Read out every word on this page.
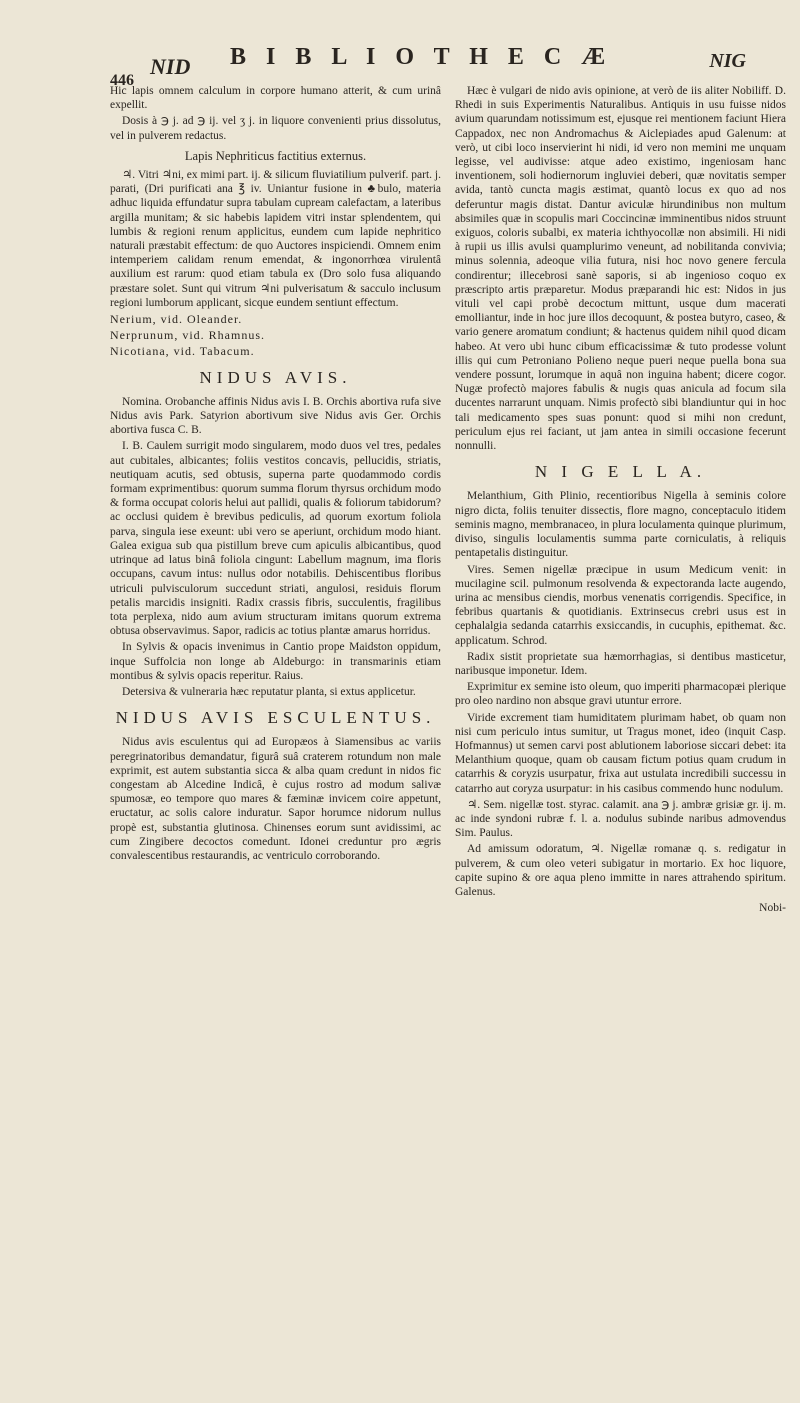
446
NID B I B L I O T H E C Æ	NIG

Hic lapis omnem calculum in corpore humano atterit, & cum urinâ expellit.

Dosis à ℈ j. ad ℈ ij. vel ʒ j. in liquore convenienti prius dissolutus, vel in pulverem redactus.

Lapis Nephriticus factitius externus.

♃. Vitri ♃ni, ex mimi part. ij. & silicum fluviatilium pulverif. part. j. parati, (Dri purificati ana ℥ iv. Uniantur fusione in ♣bulo, materia adhuc liquida effundatur supra tabulam cupream calefactam, a lateribus argilla munitam; & sic habebis lapidem vitri instar splendentem, qui lumbis & regioni renum applicitus, eundem cum lapide nephritico naturali præstabit effectum: de quo Auctores inspiciendi. Omnem enim intemperiem calidam renum emendat, & ingonorrhœa virulentâ auxilium est rarum: quod etiam tabula ex (Dro solo fusa aliquando præstare solet. Sunt qui vitrum ♃ni pulverisatum & sacculo inclusum regioni lumborum applicant, sicque eundem sentiunt effectum.

Nerium, vid. Oleander.

Nerprunum, vid. Rhamnus.

Nicotiana, vid. Tabacum.

NIDUS AVIS.

Nomina. Orobanche affinis Nidus avis I. B. Orchis abortiva rufa sive Nidus avis Park. Satyrion abortivum sive Nidus avis Ger. Orchis abortiva fusca C. B.

I. B. Caulem surrigit modo singularem, modo duos vel tres, pedales aut cubitales, albicantes; foliis vestitos concavis, pellucidis, striatis, neutiquam acutis, sed obtusis, superna parte quodammodo cordis formam exprimentibus: quorum summa florum thyrsus orchidum modo & forma occupat coloris helui aut pallidi, qualis & foliorum tabidorum? ac occlusi quidem è brevibus pediculis, ad quorum exortum foliola parva, singula iese exeunt: ubi vero se aperiunt, orchidum modo hiant. Galea exigua sub qua pistillum breve cum apiculis albicantibus, quod utrinque ad latus binâ foliola cingunt: Labellum magnum, ima floris occupans, cavum intus: nullus odor notabilis. Dehiscentibus floribus utriculi pulvisculorum succedunt striati, angulosi, residuis florum petalis marcidis insigniti. Radix crassis fibris, succulentis, fragilibus tota perplexa, nido aum avium structuram imitans quorum extrema obtusa observavimus. Sapor, radicis ac totius plantæ amarus horridus.

In Sylvis & opacis invenimus in Cantio prope Maidston oppidum, inque Suffolcia non longe ab Aldeburgo: in transmarinis etiam montibus & sylvis opacis reperitur. Raius.

Detersiva & vulneraria hæc reputatur planta, si extus applicetur.

NIDUS AVIS ESCULENTUS.

Nidus avis esculentus qui ad Europæos à Siamensibus ac variis peregrinatoribus demandatur, figurâ suâ craterem rotundum non male exprimit, est autem substantia sicca & alba quam credunt in nidos fic congestam ab Alcedine Indicâ, è cujus rostro ad modum salivæ spumosæ, eo tempore quo mares & fæminæ invicem coire appetunt, eructatur, ac solis calore induratur. Sapor horumce nidorum nullus propè est, substantia glutinosa. Chinenses eorum sunt avidissimi, ac cum Zingibere decoctos comedunt. Idonei creduntur pro ægris convalescentibus restaurandis, ac ventriculo corroborando.

Hæc è vulgari de nido avis opinione, at verò de iis aliter Nobiliff. D. Rhedi in suis Experimentis Naturalibus. Antiquis in usu fuisse nidos avium quarundam notissimum est, ejusque rei mentionem faciunt Hiera Cappadox, nec non Andromachus & Aiclepiades apud Galenum: at verò, ut cibi loco inservierint hi nidi, id vero non memini me unquam legisse, vel audivisse: atque adeo existimo, ingeniosam hanc inventionem, soli hodiernorum ingluviei deberi, quæ novitatis semper avida, tantò cuncta magis æstimat, quantò locus ex quo ad nos deferuntur magis distat. Dantur aviculæ hirundinibus non multum absimiles quæ in scopulis mari Coccincinæ imminentibus nidos struunt exiguos, coloris subalbi, ex materia ichthyocollæ non absimili. Hi nidi à rupii us illis avulsi quamplurimo veneunt, ad nobilitanda convivia; minus solennia, adeoque vilia futura, nisi hoc novo genere fercula condirentur; illecebrosi sanè saporis, si ab ingenioso coquo ex præscripto artis præparetur. Modus præparandi hic est: Nidos in jus vituli vel capi probè decoctum mittunt, usque dum macerati emolliantur, inde in hoc jure illos decoquunt, & postea butyro, caseo, & vario genere aromatum condiunt; & hactenus quidem nihil quod dicam habeo. At vero ubi hunc cibum efficacissimæ & tuto prodesse volunt illis qui cum Petroniano Polieno neque pueri neque puella bona sua vendere possunt, lorumque in aquâ non inguina habent; dicere cogor. Nugæ profectò majores fabulis & nugis quas anicula ad focum sila ducentes narrarunt unquam. Nimis profectò sibi blandiuntur qui in hoc tali medicamento spes suas ponunt: quod si mihi non credunt, periculum ejus rei faciant, ut jam antea in simili occasione fecerunt nonnulli.

N I G E L L A.

Melanthium, Gith Plinio, recentioribus Nigella à seminis colore nigro dicta, foliis tenuiter dissectis, flore magno, conceptaculo itidem seminis magno, membranaceo, in plura loculamenta quinque plurimum, diviso, singulis loculamentis summa parte corniculatis, à reliquis pentapetalis distinguitur.

Vires. Semen nigellæ præcipue in usum Medicum venit: in mucilagine scil. pulmonum resolvenda & expectoranda lacte augendo, urina ac mensibus ciendis, morbus venenatis corrigendis. Specifice, in febribus quartanis & quotidianis. Extrinsecus crebri usus est in cephalalgia sedanda catarrhis exsiccandis, in cucuphis, epithemat. &c. applicatum. Schrod.

Radix sistit proprietate sua hæmorrhagias, si dentibus masticetur, naribusque imponetur. Idem.

Exprimitur ex semine isto oleum, quo imperiti pharmacopæi plerique pro oleo nardino non absque gravi utuntur errore.

Viride excrement tiam humiditatem plurimam habet, ob quam non nisi cum periculo intus sumitur, ut Tragus monet, ideo (inquit Casp. Hofmannus) ut semen carvi post ablutionem laboriose siccari debet: ita Melanthium quoque, quam ob causam fictum potius quam crudum in catarrhis & coryzis usurpatur, frixa aut ustulata incredibili successu in catarrho aut coryza usurpatur: in his casibus commendo hunc nodulum.

♃. Sem. nigellæ tost. styrac. calamit. ana ℈ j. ambræ grisiæ gr. ij. m. ac inde syndoni rubræ f. l. a. nodulus subinde naribus admovendus Sim. Paulus.

Ad amissum odoratum, ♃. Nigellæ romanæ q. s. redigatur in pulverem, & cum oleo veteri subigatur in mortario. Ex hoc liquore, capite supino & ore aqua pleno immitte in nares attrahendo spiritum. Galenus.

Nobi-
